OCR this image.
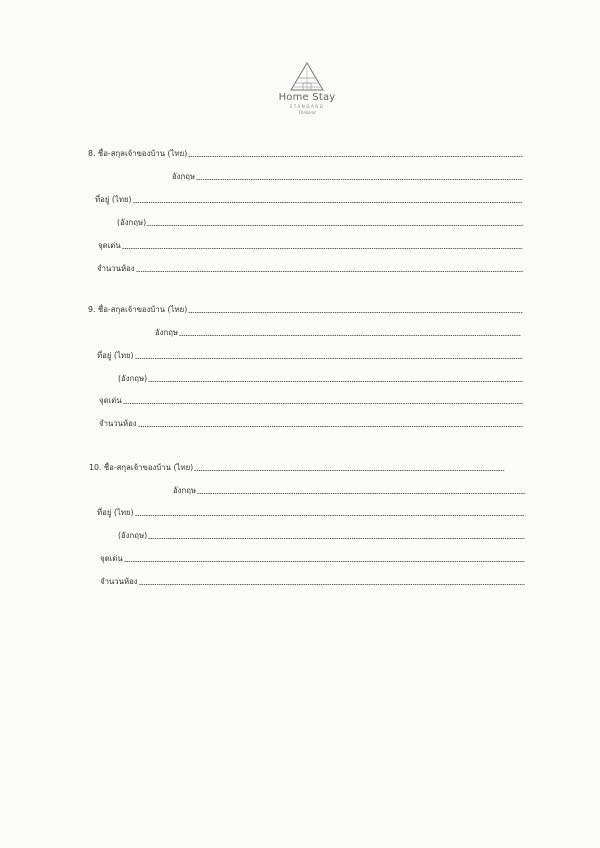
Home Stay
STANDARD
Thailand
8. ชื่อ-สกุลเจ้าของบ้าน (ไทย)
อังกฤษ
ที่อยู่ (ไทย)
(อังกฤษ)
จุดเด่น
จำนวนห้อง
9. ชื่อ-สกุลเจ้าของบ้าน (ไทย)
อังกฤษ
ที่อยู่ (ไทย)
(อังกฤษ)
จุดเด่น
จำนวนห้อง
10. ชื่อ-สกุลเจ้าของบ้าน (ไทย)
อังกฤษ
ที่อยู่ (ไทย)
(อังกฤษ)
จุดเด่น
จำนวนห้อง
